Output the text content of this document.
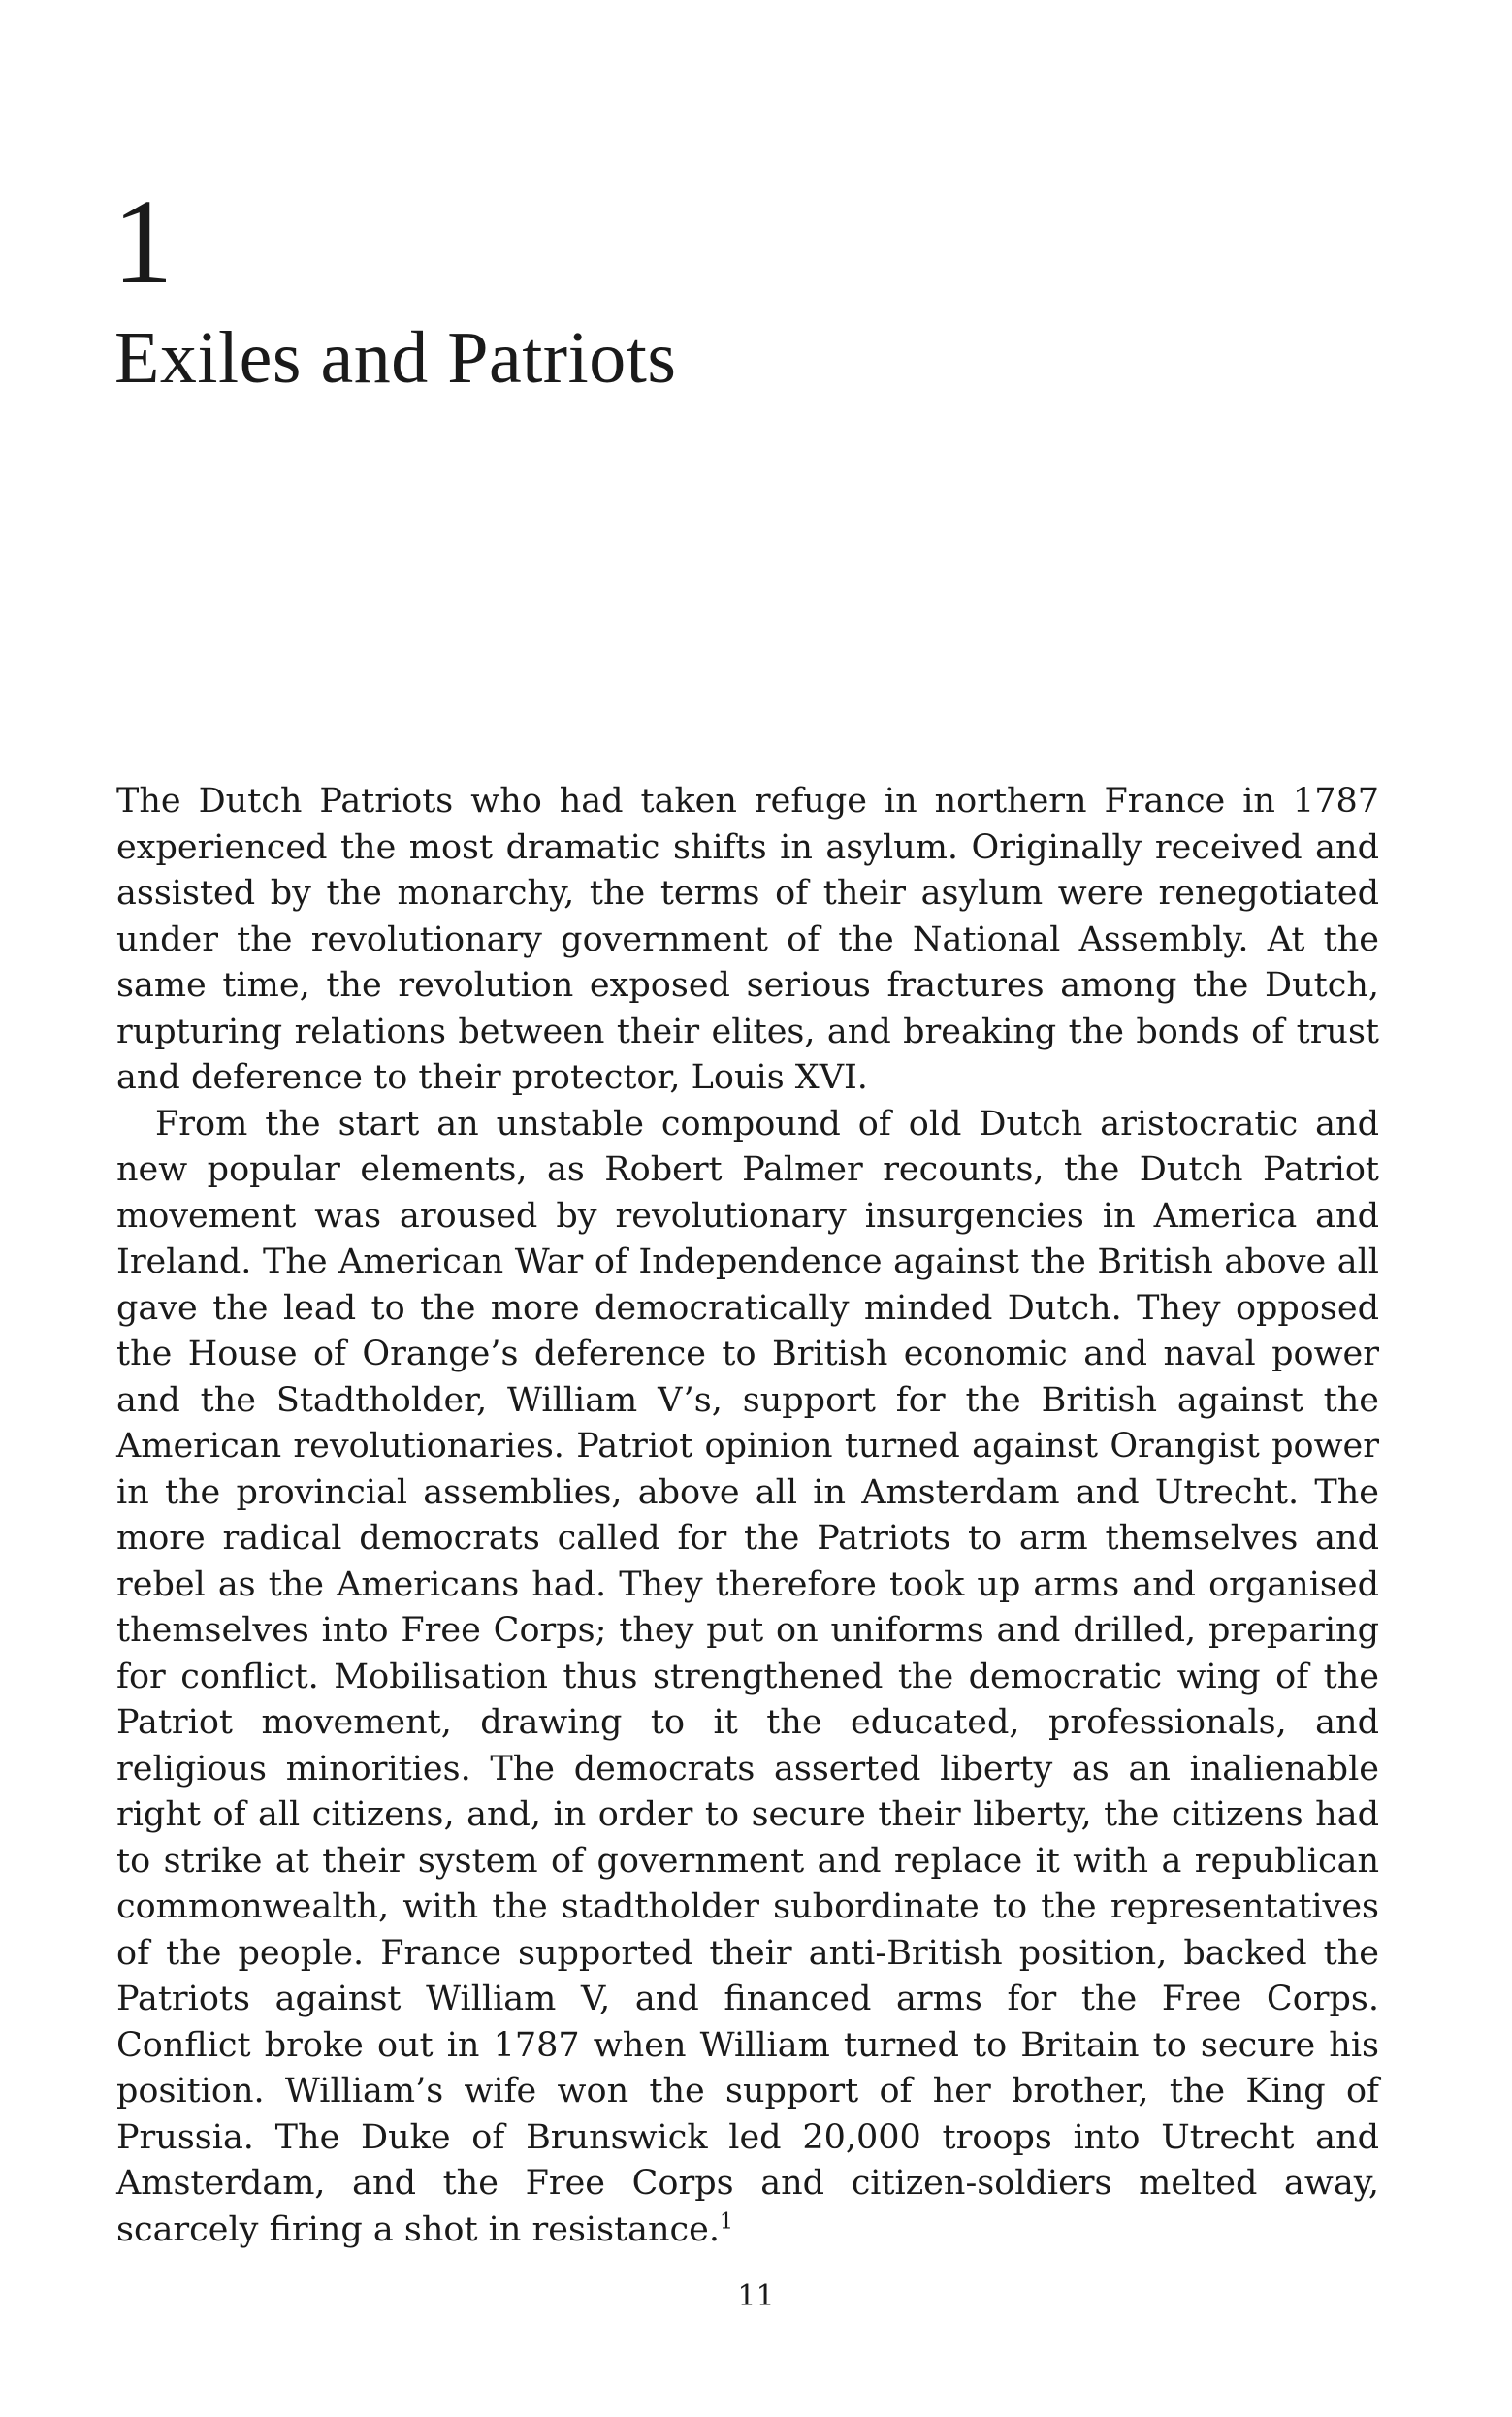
1
Exiles and Patriots

The Dutch Patriots who had taken refuge in northern France in 1787 experienced the most dramatic shifts in asylum. Originally received and assisted by the monarchy, the terms of their asylum were renegotiated under the revolutionary government of the National Assembly. At the same time, the revolution exposed serious fractures among the Dutch, rupturing relations between their elites, and breaking the bonds of trust and deference to their protector, Louis XVI.

From the start an unstable compound of old Dutch aristocratic and new popular elements, as Robert Palmer recounts, the Dutch Patriot movement was aroused by revolutionary insurgencies in America and Ireland. The American War of Independence against the British above all gave the lead to the more democratically minded Dutch. They opposed the House of Orange’s deference to British economic and naval power and the Stadtholder, William V’s, support for the British against the American revolutionaries. Patriot opinion turned against Orangist power in the provincial assemblies, above all in Amsterdam and Utrecht. The more radical democrats called for the Patriots to arm themselves and rebel as the Americans had. They therefore took up arms and organised themselves into Free Corps; they put on uniforms and drilled, preparing for conflict. Mobilisation thus strengthened the democratic wing of the Patriot movement, drawing to it the educated, professionals, and religious minorities. The democrats asserted liberty as an inalienable right of all citizens, and, in order to secure their liberty, the citizens had to strike at their system of government and replace it with a republican commonwealth, with the stadtholder subordinate to the representatives of the people. France supported their anti-British position, backed the Patriots against William V, and financed arms for the Free Corps. Conflict broke out in 1787 when William turned to Britain to secure his position. William’s wife won the support of her brother, the King of Prussia. The Duke of Brunswick led 20,000 troops into Utrecht and Amsterdam, and the Free Corps and citizen-soldiers melted away, scarcely firing a shot in resistance.$^1$

11
